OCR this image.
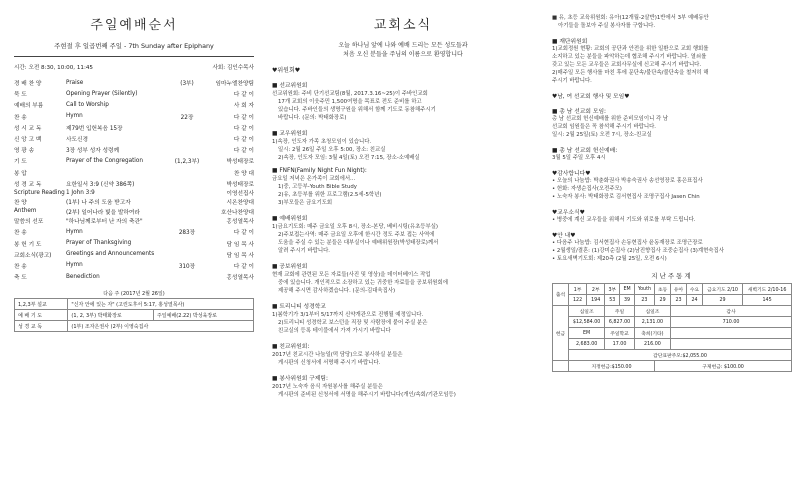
주일예배순서
주현절 후 일곱번째 주일 - 7th Sunday after Epiphany
시간: 오전 8:30, 10:00, 11:45	사회: 김인수목사
경 배 찬 양	Praise	(3부)	임마누엘찬양팀
묵 도	Opening Prayer (Silently)	다 같 이
예배의 부름	Call to Worship	사 회 자
찬 송	Hymn	22장	다 같 이
성 시 교 독	제79번 입헌복음 15장	다 같 이
신 앙 고 백	사도신경	다 같 이
영 광 송	3장 성부 성자 성령께	다 같 이
기 도	Prayer of the Congregation	(1,2,3부)	박성태장로
봉 압	찬 양 대
성 경 교 독	요한일서 3:9 (신약 386쪽)	박성태장로
Scripture Reading 1 John 3:9	이영선집사
찬 양	(1부) 나 주의 도움 받고자	시온찬양대
Anthem	(2부) 일어나라 빛을 발하여라	호산나찬양대
말씀의 선포	"하나님께로부터 난 자의 축관"	홍성열목사
찬 송	Hymn	283장	다 같 이
봉 헌 기 도	Prayer of Thanksgiving	담 임 목 사
교회소식(광고)	Greetings and Announcements	담 임 목 사
찬 송	Hymn	310장	다 같 이
축 도	Benediction	홍성열목사
다음 주 (2017년 2월 26일)		
1,2,3부 설교	"신자 안에 있는 자" (고린도후서 5:17, 홍성열목사)	
예 배 기 도	(1, 2, 3부) 박태화장로	주일예배(2.22) 박성육장로
성 경 교 독	(1부) 조자은권사 (2부) 이영숙집사	
교회소식
오늘 하나님 앞에 나와 예배 드리는 모든 성도들과
처음 오신 분들을 주님의 이름으로 환영합니다
♥위원회♥
■ 선교위원회
선교위원회: 주비 단기선교팀(8월, 2017.3.16~25)이 주바인교회
17개 교회의 이웃주민 1,500여명을 목표로 전도 준비를 하고
있습니다. 주바인들의 생명구원을 위해서 함께 기도로 동참해주시기
바랍니다. (문의: 박태화장로)
■ 교우위원회
1)속장, 인도자 가족 초청모임이 있습니다.
일시: 2월 26일 주일 오후 5:00, 장소: 친교실
2)속장, 인도자 모임: 3월 4일(토) 오전 7:15, 장소-소예배실
■ FNFN(Family Night Fun Night):
금요일 저녁은 온가족이 교회에서...
1)중, 고등부-Youth Bible Study
2)유, 초등부를 위한 프로그램(2.5세-5학년)
3)부모들은 금요기도회
■ 예배위원회
1)금요기도회: 매주 금요일 오후 8시, 장소-본당, 베비시팅(유초등부실)
2)주보접는사역: 매주 금요일 오후에 한시간 정도 주보 접는 사역에
도움을 주실 수 있는 분들은 대부실이나 예배위원장(박성태장로)께서
알려 주시기 바랍니다.
■ 공보위원회
현재 교회에 관련된 모든 자료들(사진 및 영상)을 데이터베이스 작업
중에 있습니다. 개인적으로 소장하고 있는 귀중한 자료들을 공보위원회에
제공해 주시면 감사하겠습니다. (문의-김대욱집사)
■ 트리니티 성경학교
1)봄학기가 3/1부터 5/17까지 신약개관으로 진행될 예정입니다.
2)트리니티 성경학교 보스턴을 직장 및 사람장에 붙어 주실 분은
친교실의 등록 테이블에서 가져 가시기 바랍니다
■ 친교위원회:
2017년 친교시간 나눔일(떡 담당)으로 봉사하실 분들은
게시판의 신청서에 서명해 주시기 바랍니다.
■ 봉사위원회 구제팀:
2017년 노숙자 음식 자원봉사를 해주실 분들은
게시판의 준비된 신청서에 서명을 해주시기 바랍니다(개인/속회/기관모임등)
■ 유, 초등 교육위원회: 유아(12개월-2살반)1반에서 3부 예배동안
아기들을 돌보아 주실 봉사자를 구합니다.
■ 재단위원회
1)교회정원 현황: 교회의 공단과 안전을 위한 일환으로 교회 행회를
소지하고 있는 분들을 파악하는데 협조해 주시기 바랍니다. 열쇠를
갖고 있는 모든 교우들은 교회사무실에 신고해 주시기 바랍니다.
2)매주일 모든 행사를 마친 후에 문단속/불단속/불단속을 철저히 해
주시기 바랍니다.
♥남, 여 선교회 행사 및 모임♥
■ 총 남 선교회 모임:
총 남 선교회 헌신예배를 위한 준비모임이니 각 남
선교회 임원들은 꼭 참석해 주시기 바랍니다.
일시: 2월 25일(토) 오전 7시, 장소-친교실
■ 총 남 선교회 헌신예배:
3월 5일 주일 오후 4시
♥감사합니다♥
• 오늘의 나눔밥: 박춘화권사 박송숙권사 송선영장로 홍은표집사
• 헌화: 자생순집사(오전주모)
• 노숙자 봉사: 박태화장로 김서현집사 조명구집사 Jasen Chin
♥교우소식♥
• 병중에 계신 교우들을 위해서 기도와 위로를 부탁 드립니다.
♥안 내♥
• 다음주 나눔밥: 김서현집사 손동현집사 윤동재장로 조명근장로
• 2월생일/결혼: (1)강미순집사 (2)남진향집사 조중순집사 (3)계현숙집사
• 토요새벽기도회: 제20측 (2월 25일, 오전 6시)
지난주통계
출석	1부	2부	3부	EM	Youth	초등	유아	수요	금요기도 2/10	새벽기도 2/10-16
	122	194	53	39	23	29	23	24	29	145
헌금	십일조		주일		십일조		감사			
	$12,584.00		6,827.00		2,131.00		710.00			
	EM		주일학교		축희(기타)					
	2,683.00		17.00		216.00					
	감단표판주모:$2,055.00									
	지정헌금:$150.00					구제헌금: $100.00				
